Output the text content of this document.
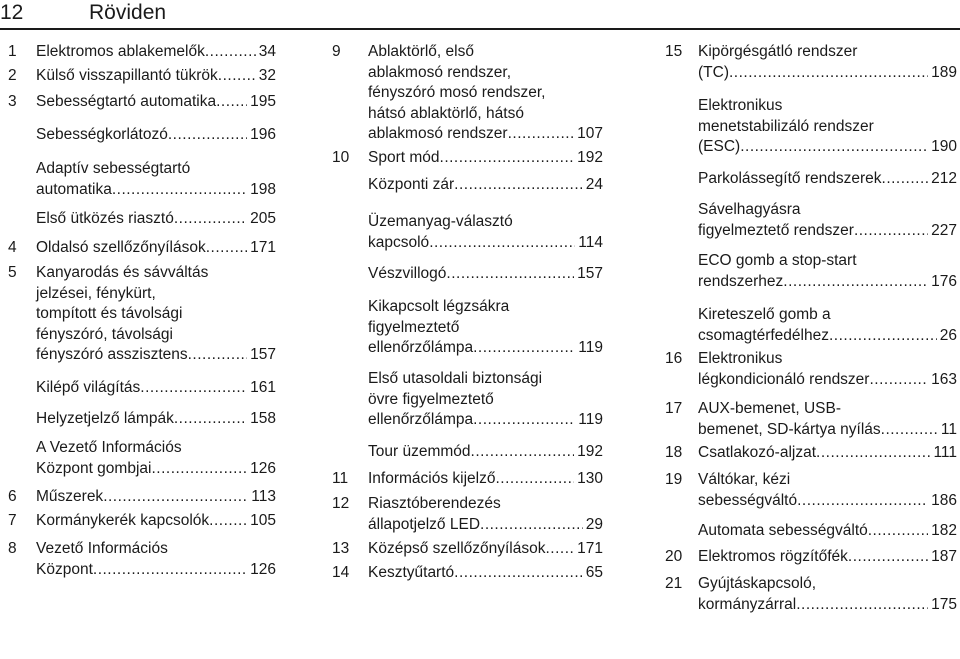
12	Röviden
1 Elektromos ablakemelők .....	34
2 Külső visszapillantó tükrök .....	32
3 Sebességtartó automatika ..... 195
Sebességkorlátozó .....	196
Adaptív sebességtartó
automatika .....	198
Első ütközés riasztó .....	205
4 Oldalsó szellőzőnyílások .....	171
5 Kanyarodás és sávváltás
jelzései, fénykürt,
tompított és távolsági
fényszóró, távolsági
fényszóró asszisztens .....	157
Kilépő világítás .....	161
Helyzetjelző lámpák .....	158
A Vezető Információs
Központ gombjai .....	126
6 Műszerek .....	113
7 Kormánykerék kapcsolók .....	105
8 Vezető Információs
Központ .....	126
9 Ablaktörlő, első
ablakmosó rendszer,
fényszóró mosó rendszer,
hátsó ablaktörlő, hátsó
ablakmosó rendszer .....	107
10 Sport mód .....	192
Központi zár .....	24
Üzemanyag-választó
kapcsoló .....	114
Vészvillogó .....	157
Kikapcsolt légzsákra
figyelmeztető
ellenőrzőlámpa .....	119
Első utasoldali biztonsági
övre figyelmeztető
ellenőrzőlámpa .....	119
Tour üzemmód .....	192
11 Információs kijelző .....	130
12 Riasztóberendezés
állapotjelző LED .....	29
13 Középső szellőzőnyílások ..... 171
14 Kesztyűtartó .....	65
15 Kipörgésgátló rendszer
(TC) .....	189
Elektronikus
menetstabilizáló rendszer
(ESC) .....	190
Parkolássegítő rendszerek .....	212
Sávelhagyásra
figyelmeztető rendszer .....	227
ECO gomb a stop-start
rendszerhez .....	176
Kireteszelő gomb a
csomagtérfedélhez .....	26
16 Elektronikus
légkondicionáló rendszer .....	163
17 AUX-bemenet, USB-
bemenet, SD-kártya nyílás .....	11
18 Csatlakozó-aljzat .....	111
19 Váltókar, kézi
sebességváltó .....	186
Automata sebességváltó .....	182
20 Elektromos rögzítőfék .....	187
21 Gyújtáskapcsoló,
kormányzárral .....	175
